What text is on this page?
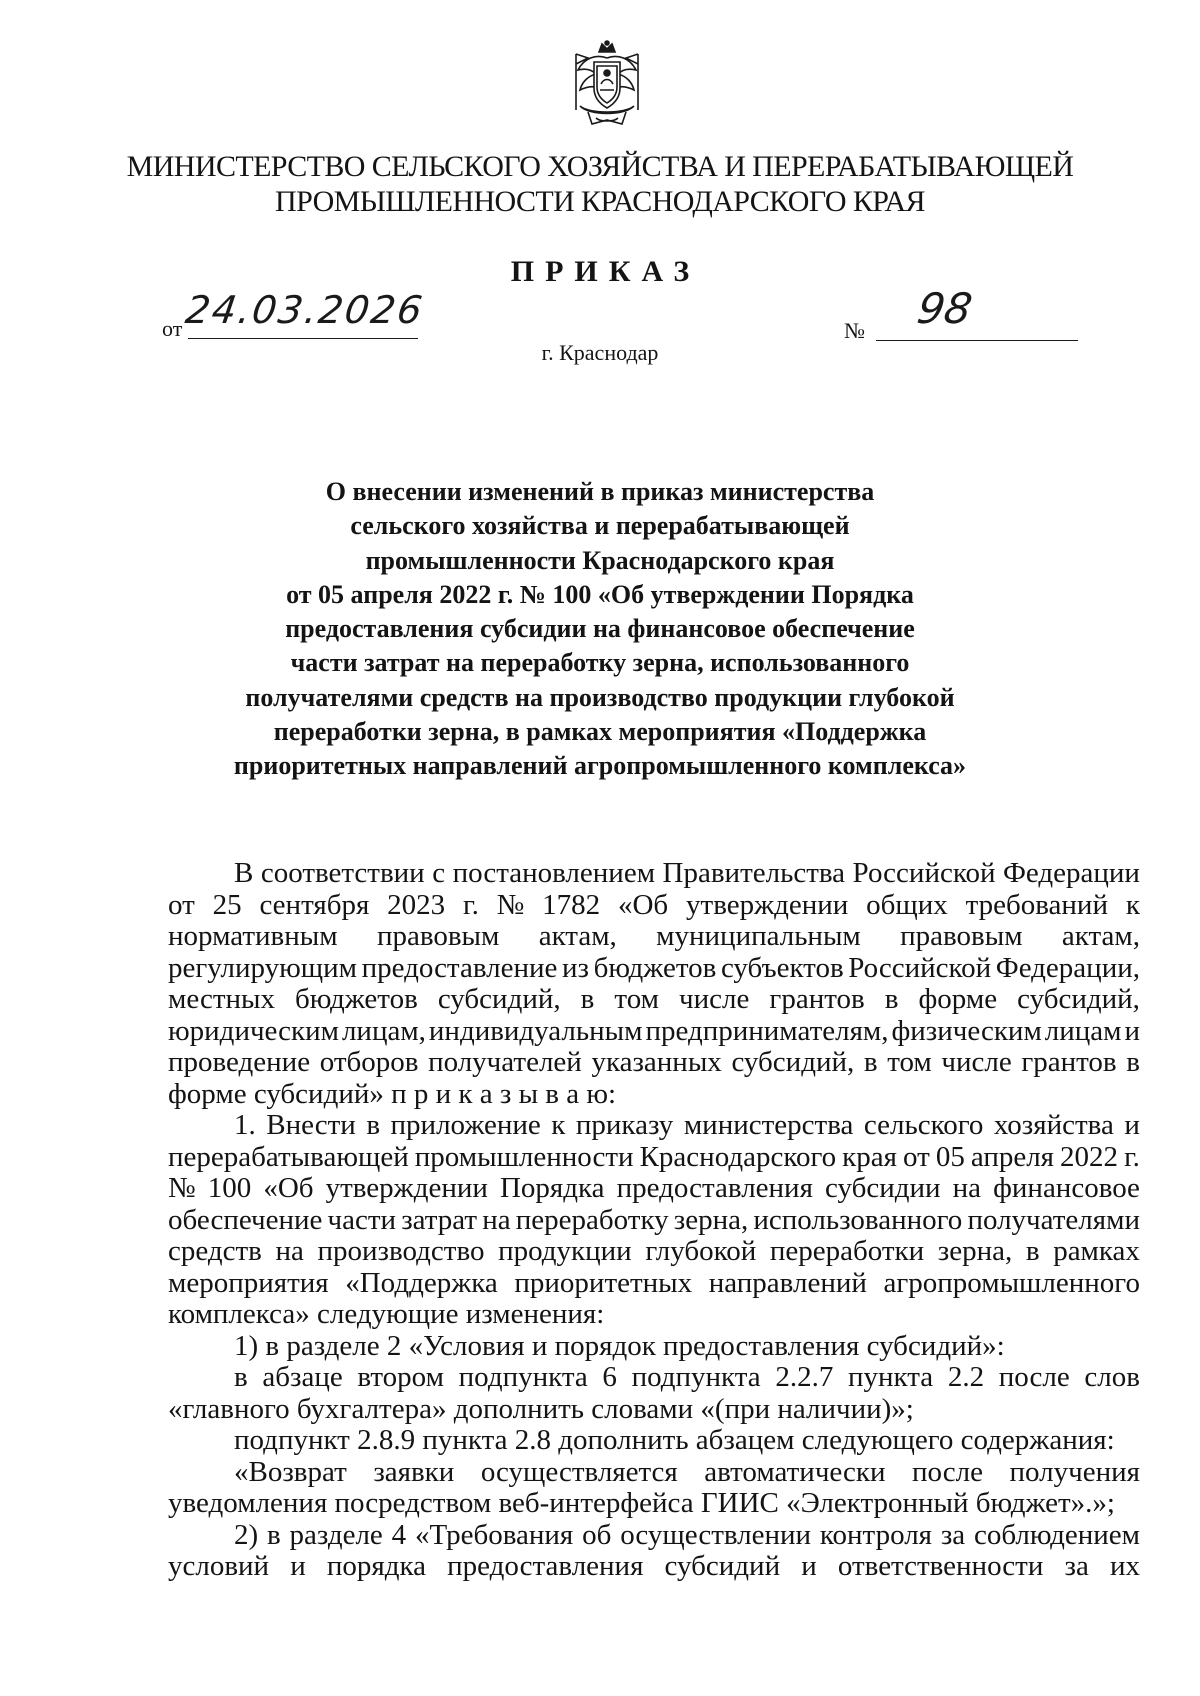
МИНИСТЕРСТВО СЕЛЬСКОГО ХОЗЯЙСТВА И ПЕРЕРАБАТЫВАЮЩЕЙ
ПРОМЫШЛЕННОСТИ КРАСНОДАРСКОГО КРАЯ
ПРИКАЗ
от 24.03.2026	№ 98
г. Краснодар
О внесении изменений в приказ министерства
сельского хозяйства и перерабатывающей
промышленности Краснодарского края
от 05 апреля 2022 г. № 100 «Об утверждении Порядка
предоставления субсидии на финансовое обеспечение
части затрат на переработку зерна, использованного
получателями средств на производство продукции глубокой
переработки зерна, в рамках мероприятия «Поддержка
приоритетных направлений агропромышленного комплекса»
В соответствии с постановлением Правительства Российской Федерации
от 25 сентября 2023 г. № 1782 «Об утверждении общих требований к
нормативным правовым актам, муниципальным правовым актам,
регулирующим предоставление из бюджетов субъектов Российской Федерации,
местных бюджетов субсидий, в том числе грантов в форме субсидий,
юридическим лицам, индивидуальным предпринимателям, физическим лицам и
проведение отборов получателей указанных субсидий, в том числе грантов в
форме субсидий» п р и к а з ы в а ю:
1. Внести в приложение к приказу министерства сельского хозяйства и
перерабатывающей промышленности Краснодарского края от 05 апреля 2022 г.
№ 100 «Об утверждении Порядка предоставления субсидии на финансовое
обеспечение части затрат на переработку зерна, использованного получателями
средств на производство продукции глубокой переработки зерна, в рамках
мероприятия «Поддержка приоритетных направлений агропромышленного
комплекса» следующие изменения:
1) в разделе 2 «Условия и порядок предоставления субсидий»:
в абзаце втором подпункта 6 подпункта 2.2.7 пункта 2.2 после слов
«главного бухгалтера» дополнить словами «(при наличии)»;
подпункт 2.8.9 пункта 2.8 дополнить абзацем следующего содержания:
«Возврат заявки осуществляется автоматически после получения
уведомления посредством веб-интерфейса ГИИС «Электронный бюджет».»;
2) в разделе 4 «Требования об осуществлении контроля за соблюдением
условий и порядка предоставления субсидий и ответственности за их
